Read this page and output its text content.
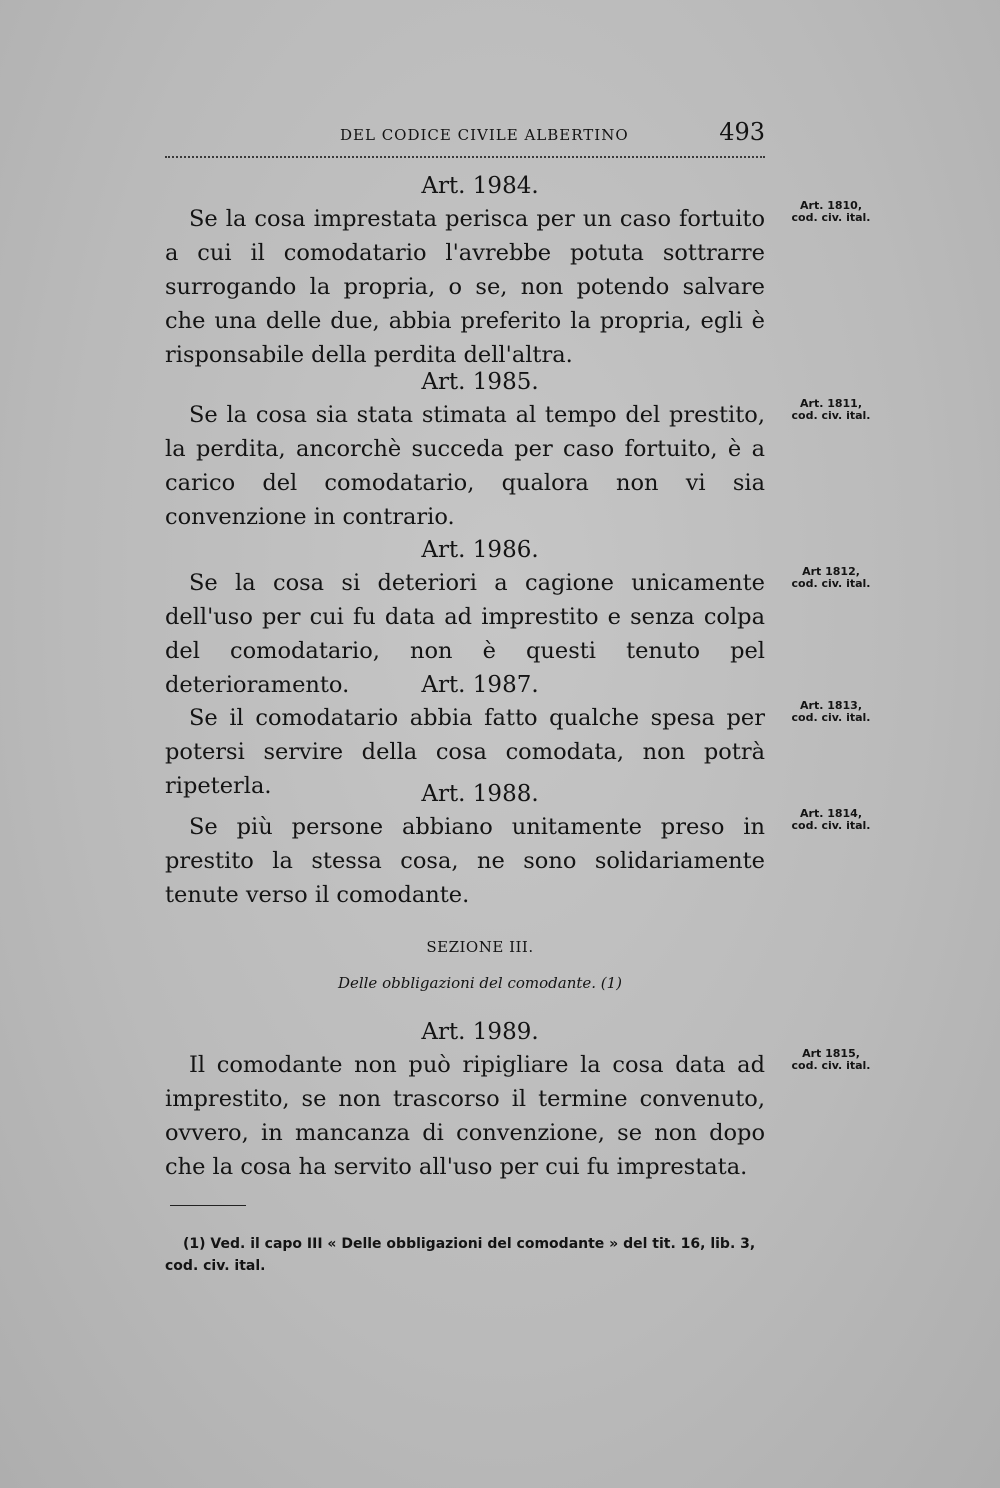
DEL CODICE CIVILE ALBERTINO	493
Art. 1984.

Se la cosa imprestata perisca per un caso fortuito a cui il comodatario l'avrebbe potuta sottrarre surrogando la propria, o se, non potendo salvare che una delle due, abbia preferito la propria, egli è risponsabile della perdita dell'altra.

Art. 1810,
cod. civ. ital.
Art. 1985.

Se la cosa sia stata stimata al tempo del prestito, la perdita, ancorchè succeda per caso fortuito, è a carico del comodatario, qualora non vi sia convenzione in contrario.

Art. 1811,
cod. civ. ital.
Art. 1986.

Se la cosa si deteriori a cagione unicamente dell'uso per cui fu data ad imprestito e senza colpa del comodatario, non è questi tenuto pel deterioramento.

Art 1812,
cod. civ. ital.
Art. 1987.

Se il comodatario abbia fatto qualche spesa per potersi servire della cosa comodata, non potrà ripeterla.

Art. 1813,
cod. civ. ital.
Art. 1988.

Se più persone abbiano unitamente preso in prestito la stessa cosa, ne sono solidariamente tenute verso il comodante.

Art. 1814,
cod. civ. ital.
SEZIONE III.
Delle obbligazioni del comodante. (1)
Art. 1989.

Il comodante non può ripigliare la cosa data ad imprestito, se non trascorso il termine convenuto, ovvero, in mancanza di convenzione, se non dopo che la cosa ha servito all'uso per cui fu imprestata.

Art 1815,
cod. civ. ital.
(1) Ved. il capo III « Delle obbligazioni del comodante » del tit. 16, lib. 3, cod. civ. ital.
